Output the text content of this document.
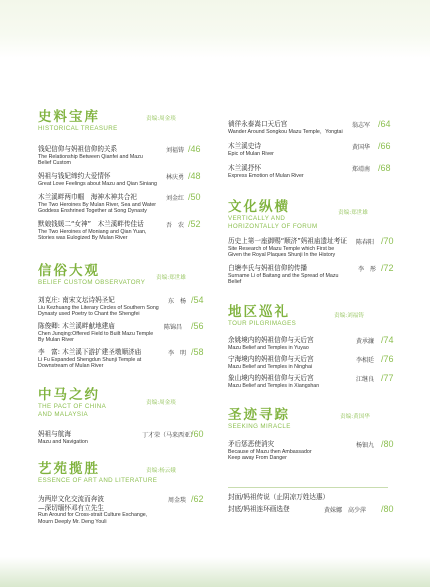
史料宝库
HISTORICAL TREASURE
责编:周金琰
钱妃信仰与妈祖信仰的关系
The Relationship Between Qianfei and Mazu
Belief Custom
刘福铸 /46
妈祖与钱妃缔约大爱情怀
Great Love Feelings about Mazu and Qian Siniang
林庆勇 /48
木兰溪畔两巾帼　海神木神共合祀
The Two Heroines By Mulan River, Sea and Water
Goddess Enshrined Together at Song Dynasty
刘金红 /50
默娘钱媛二“女神”　木兰溪畔传佳话
The Two Heroines of Moniang and Qian Yuan,
Stories was Eulogized By Mulan River
吾　农 /52
信俗大观
BELIEF CUSTOM OBSERVATORY
责编:郑世雄
刘克庄: 南宋文坛诗妈圣妃
Liu Kezhuang the Literary Circles of Southern Song
Dynasty used Poetry to Chant the Shengfei
东　杨 /54
陈俊卿: 木兰溪畔献地建庙
Chen Junqing:Offered Field to Built Mazu Temple
By Mulan River
陈锦昌 /56
李　富: 木兰溪下游扩建圣墩顺济庙
Li Fu Expanded Shengdun Shunji Temple at
Downstream of Mulan River
李　明 /58
中马之约
THE PACT OF CHINA
AND MALAYSIA
责编:周金琰
妈祖与航海
Mazu and Navigation
丁才荣（马来西亚）
/60
艺苑揽胜
ESSENCE OF ART AND LITERATURE
责编:杨云娥
为两岸文化交流而奔波
—深切缅怀邓有立先生
Run Around for Cross-strait Culture Exchange,
Mourn Deeply Mr. Deng Youli
周金琰 /62
徜徉永泰嵩口天后宫
Wander Around Songkou Mazu Temple，Yongtai
翁志军 /64
木兰溪史诗
Epic of Mulan River
黄国华 /66
木兰溪抒怀
Express Emotion of Mulan River
郑靖南 /68
文化纵横
VERTICALLY AND
HORIZONTALLY OF FORUM
责编:郑世雄
历史上第一座御赐“顺济”妈祖庙遗址考证
Site Research of Mazu Temple which First be
Given the Royal Plaques Shunji In the History
陈春阳 /70
白塘李氏与妈祖信仰的传播
Surname Li of Baitang and the Spread of Mazu
Belief
李　彤 /72
地区巡礼
TOUR PILGRIMAGES
责编:刘福铸
余姚境内的妈祖信仰与天后宫
Mazu Belief and Temples in Yuyao
黄承濂 /74
宁海境内的妈祖信仰与天后宫
Mazu Belief and Temples in Ninghai
李相廷 /76
象山境内的妈祖信仰与天后宫
Mazu Belief and Temples in Xiangshan
江继良 /77
圣迹寻踪
SEEKING MIRACLE
责编:黄国华
矛后惩恶使消灾
Because of Mazu then Ambassador
Keep away From Danger
杨钿九 /80
封面/妈祖传说（止阴凉万姓达惠）
封底/妈祖连环画选登	黄妹娜　高少萍 /80
